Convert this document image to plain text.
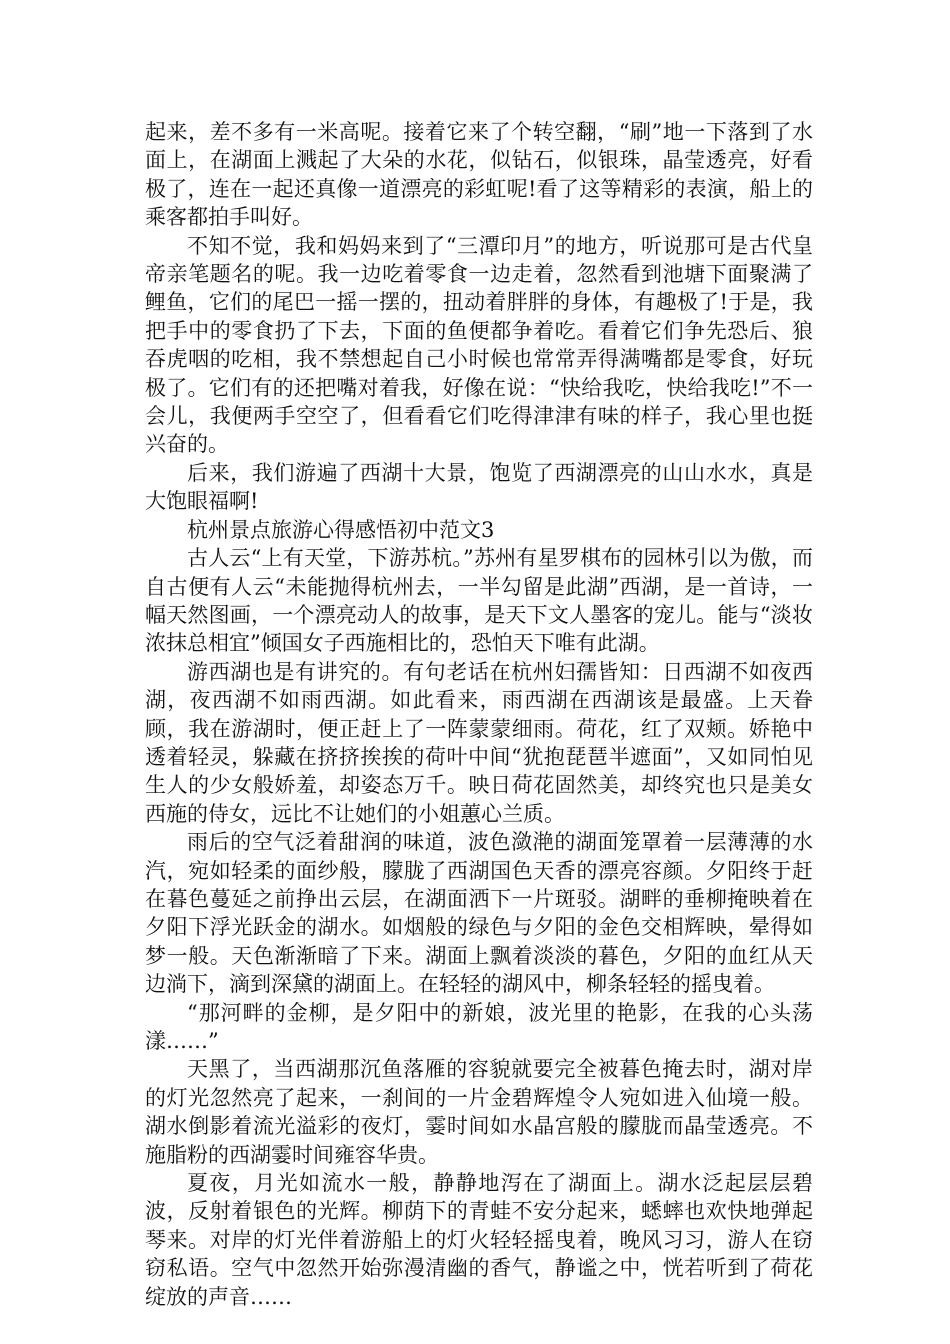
起来，差不多有一米高呢。接着它来了个转空翻，“刷”地一下落到了水面上，在湖面上溅起了大朵的水花，似钻石，似银珠，晶莹透亮，好看极了，连在一起还真像一道漂亮的彩虹呢!看了这等精彩的表演，船上的乘客都拍手叫好。

不知不觉，我和妈妈来到了“三潭印月”的地方，听说那可是古代皇帝亲笔题名的呢。我一边吃着零食一边走着，忽然看到池塘下面聚满了鲤鱼，它们的尾巴一摇一摆的，扭动着胖胖的身体，有趣极了!于是，我把手中的零食扔了下去，下面的鱼便都争着吃。看着它们争先恐后、狼吞虎咽的吃相，我不禁想起自己小时候也常常弄得满嘴都是零食，好玩极了。它们有的还把嘴对着我，好像在说：“快给我吃，快给我吃!”不一会儿，我便两手空空了，但看看它们吃得津津有味的样子，我心里也挺兴奋的。

后来，我们游遍了西湖十大景，饱览了西湖漂亮的山山水水，真是大饱眼福啊!

杭州景点旅游心得感悟初中范文3

古人云“上有天堂，下游苏杭。”苏州有星罗棋布的园林引以为傲，而自古便有人云“未能抛得杭州去，一半勾留是此湖”西湖，是一首诗，一幅天然图画，一个漂亮动人的故事，是天下文人墨客的宠儿。能与“淡妆浓抹总相宜”倾国女子西施相比的，恐怕天下唯有此湖。

游西湖也是有讲究的。有句老话在杭州妇孺皆知：日西湖不如夜西湖，夜西湖不如雨西湖。如此看来，雨西湖在西湖该是最盛。上天眷顾，我在游湖时，便正赶上了一阵蒙蒙细雨。荷花，红了双颊。娇艳中透着轻灵，躲藏在挤挤挨挨的荷叶中间“犹抱琵琶半遮面”，又如同怕见生人的少女般娇羞，却姿态万千。映日荷花固然美，却终究也只是美女西施的侍女，远比不让她们的小姐蕙心兰质。

雨后的空气泛着甜润的味道，波色潋滟的湖面笼罩着一层薄薄的水汽，宛如轻柔的面纱般，朦胧了西湖国色天香的漂亮容颜。夕阳终于赶在暮色蔓延之前挣出云层，在湖面洒下一片斑驳。湖畔的垂柳掩映着在夕阳下浮光跃金的湖水。如烟般的绿色与夕阳的金色交相辉映，晕得如梦一般。天色渐渐暗了下来。湖面上飘着淡淡的暮色，夕阳的血红从天边淌下，滴到深黛的湖面上。在轻轻的湖风中，柳条轻轻的摇曳着。

“那河畔的金柳，是夕阳中的新娘，波光里的艳影，在我的心头荡漾……”

天黑了，当西湖那沉鱼落雁的容貌就要完全被暮色掩去时，湖对岸的灯光忽然亮了起来，一刹间的一片金碧辉煌令人宛如进入仙境一般。湖水倒影着流光溢彩的夜灯，霎时间如水晶宫般的朦胧而晶莹透亮。不施脂粉的西湖霎时间雍容华贵。

夏夜，月光如流水一般，静静地泻在了湖面上。湖水泛起层层碧波，反射着银色的光辉。柳荫下的青蛙不安分起来，蟋蟀也欢快地弹起琴来。对岸的灯光伴着游船上的灯火轻轻摇曳着，晚风习习，游人在窃窃私语。空气中忽然开始弥漫清幽的香气，静谧之中，恍若听到了荷花绽放的声音……
